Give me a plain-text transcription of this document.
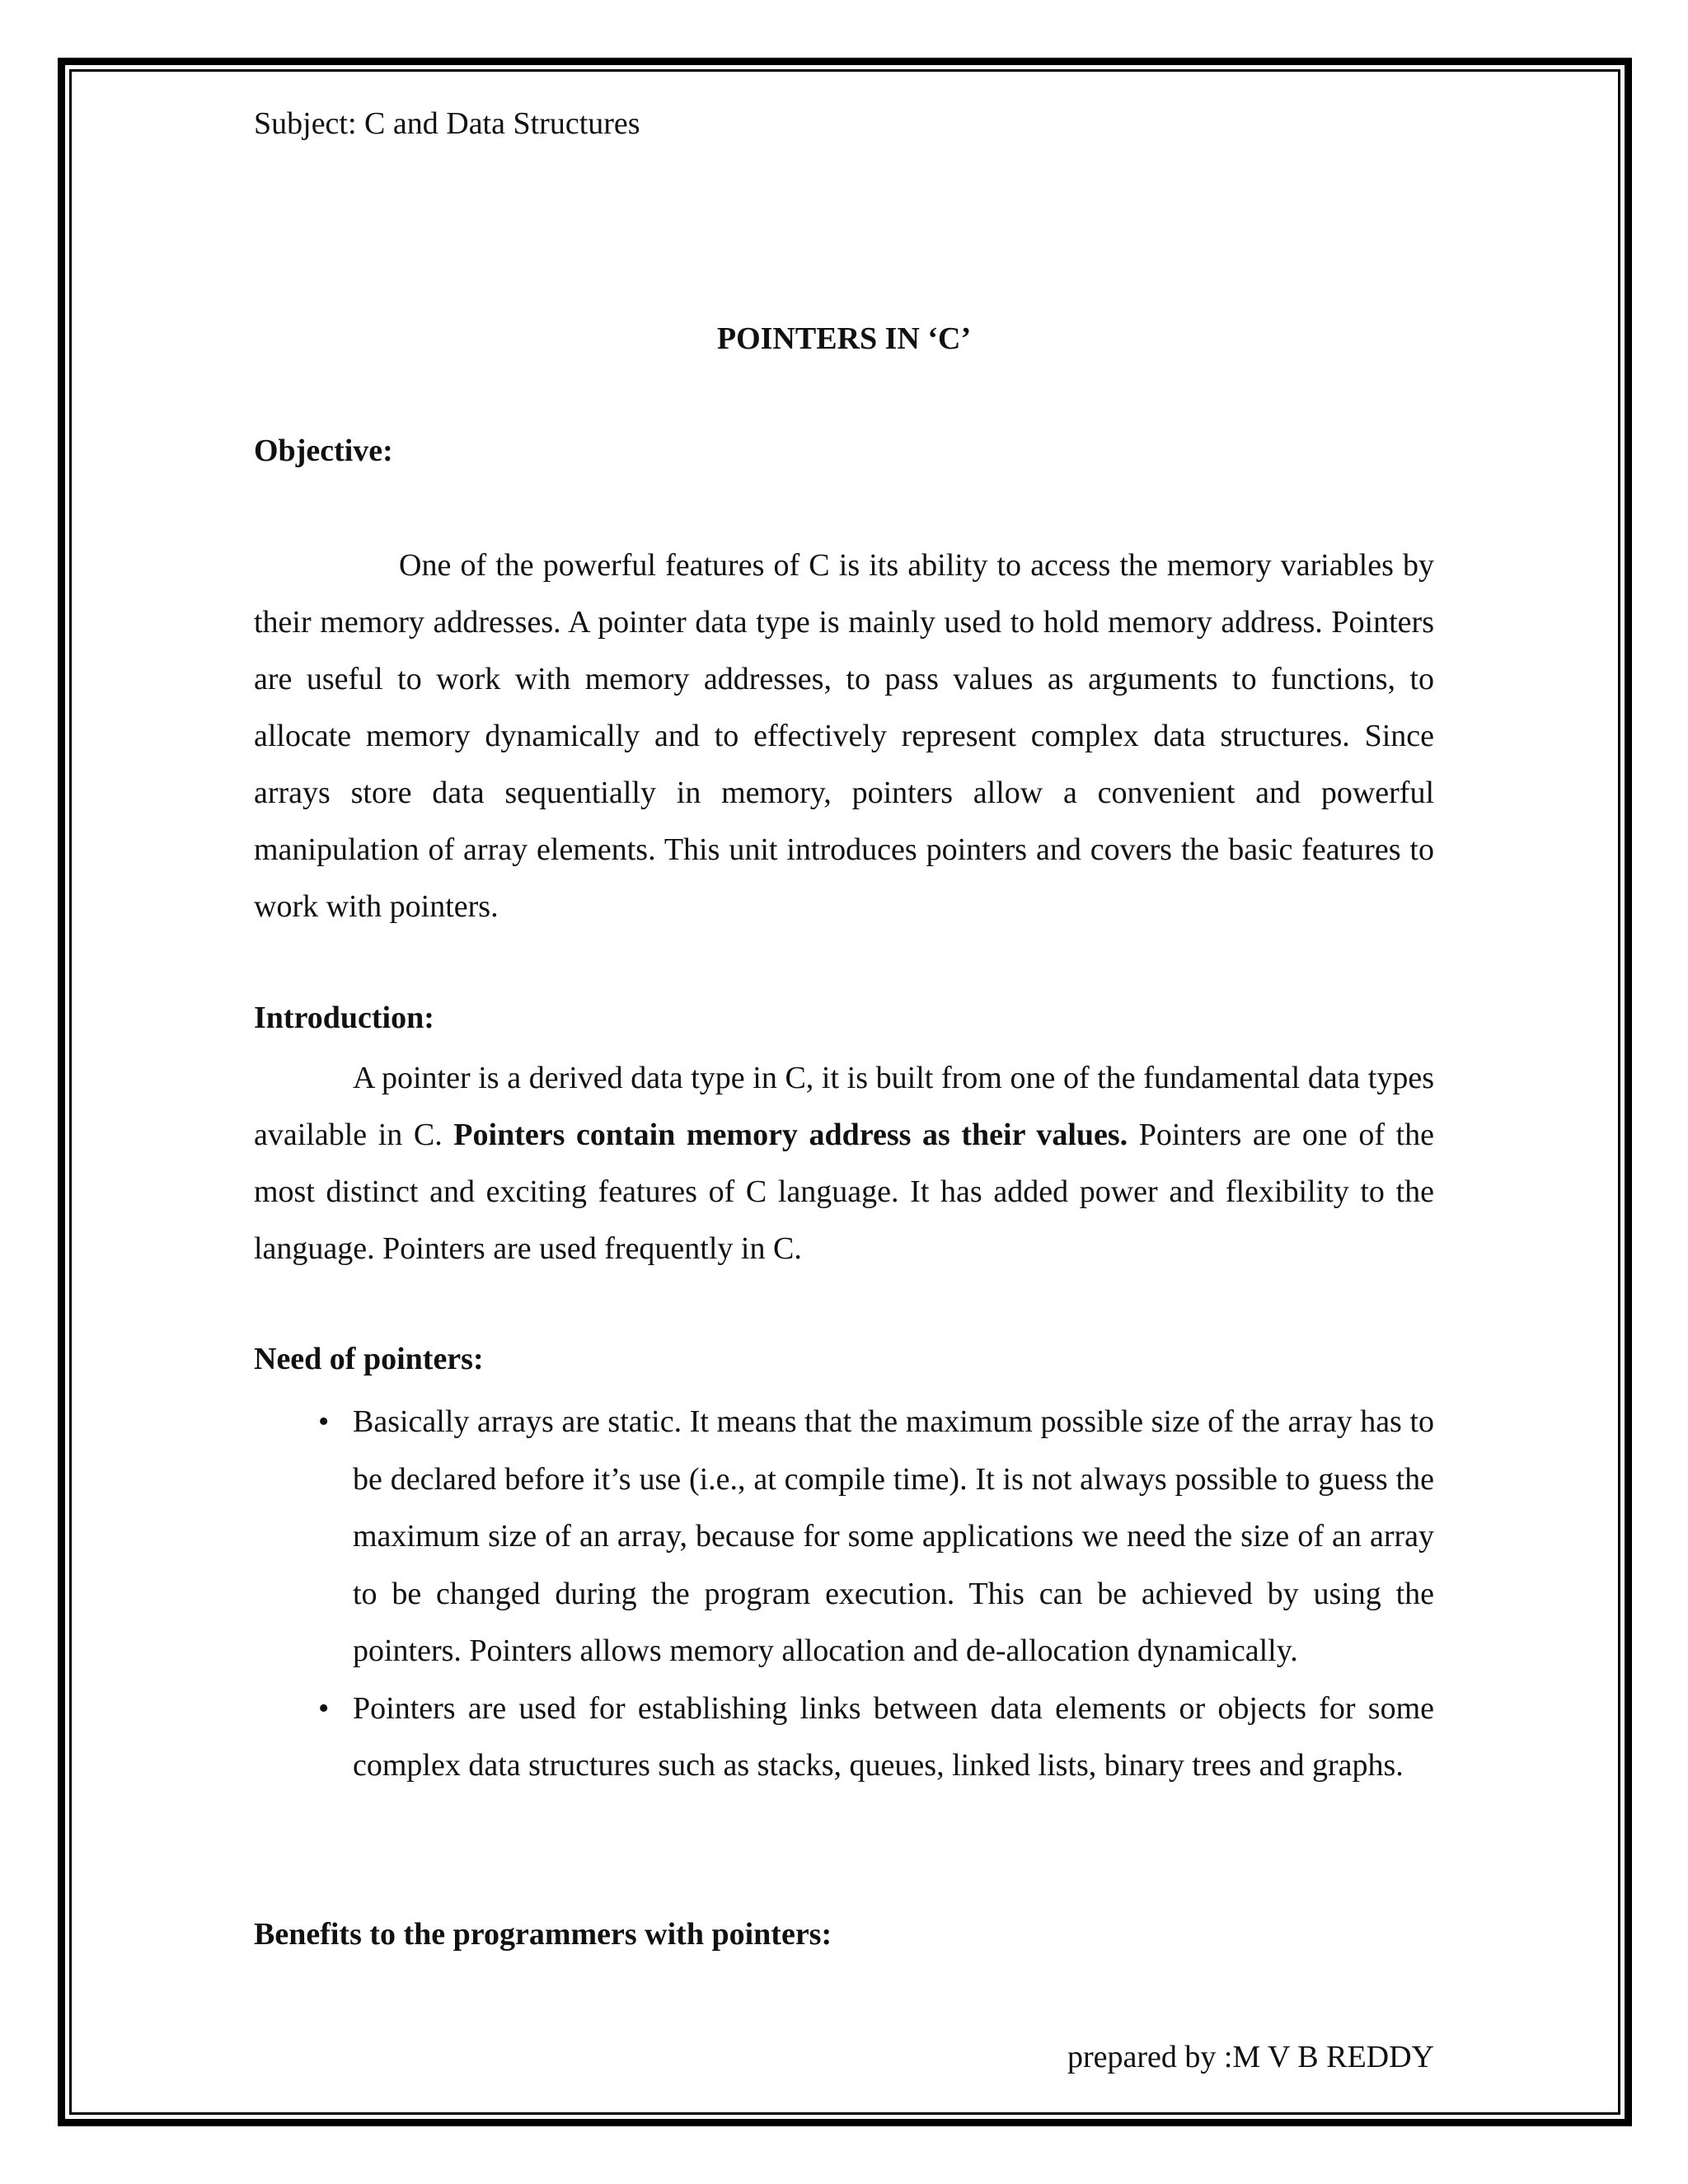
Subject: C and Data Structures
POINTERS IN ‘C’
Objective:

One of the powerful features of C is its ability to access the memory variables by their memory addresses. A pointer data type is mainly used to hold memory address. Pointers are useful to work with memory addresses, to pass values as arguments to functions, to allocate memory dynamically and to effectively represent complex data structures. Since arrays store data sequentially in memory, pointers allow a convenient and powerful manipulation of array elements. This unit introduces pointers and covers the basic features to work with pointers.

Introduction:

A pointer is a derived data type in C, it is built from one of the fundamental data types available in C. Pointers contain memory address as their values. Pointers are one of the most distinct and exciting features of C language. It has added power and flexibility to the language. Pointers are used frequently in C.

Need of pointers:
• Basically arrays are static. It means that the maximum possible size of the array has to be declared before it’s use (i.e., at compile time). It is not always possible to guess the maximum size of an array, because for some applications we need the size of an array to be changed during the program execution. This can be achieved by using the pointers. Pointers allows memory allocation and de-allocation dynamically.
• Pointers are used for establishing links between data elements or objects for some complex data structures such as stacks, queues, linked lists, binary trees and graphs.
Benefits to the programmers with pointers:
prepared by :M V B REDDY
